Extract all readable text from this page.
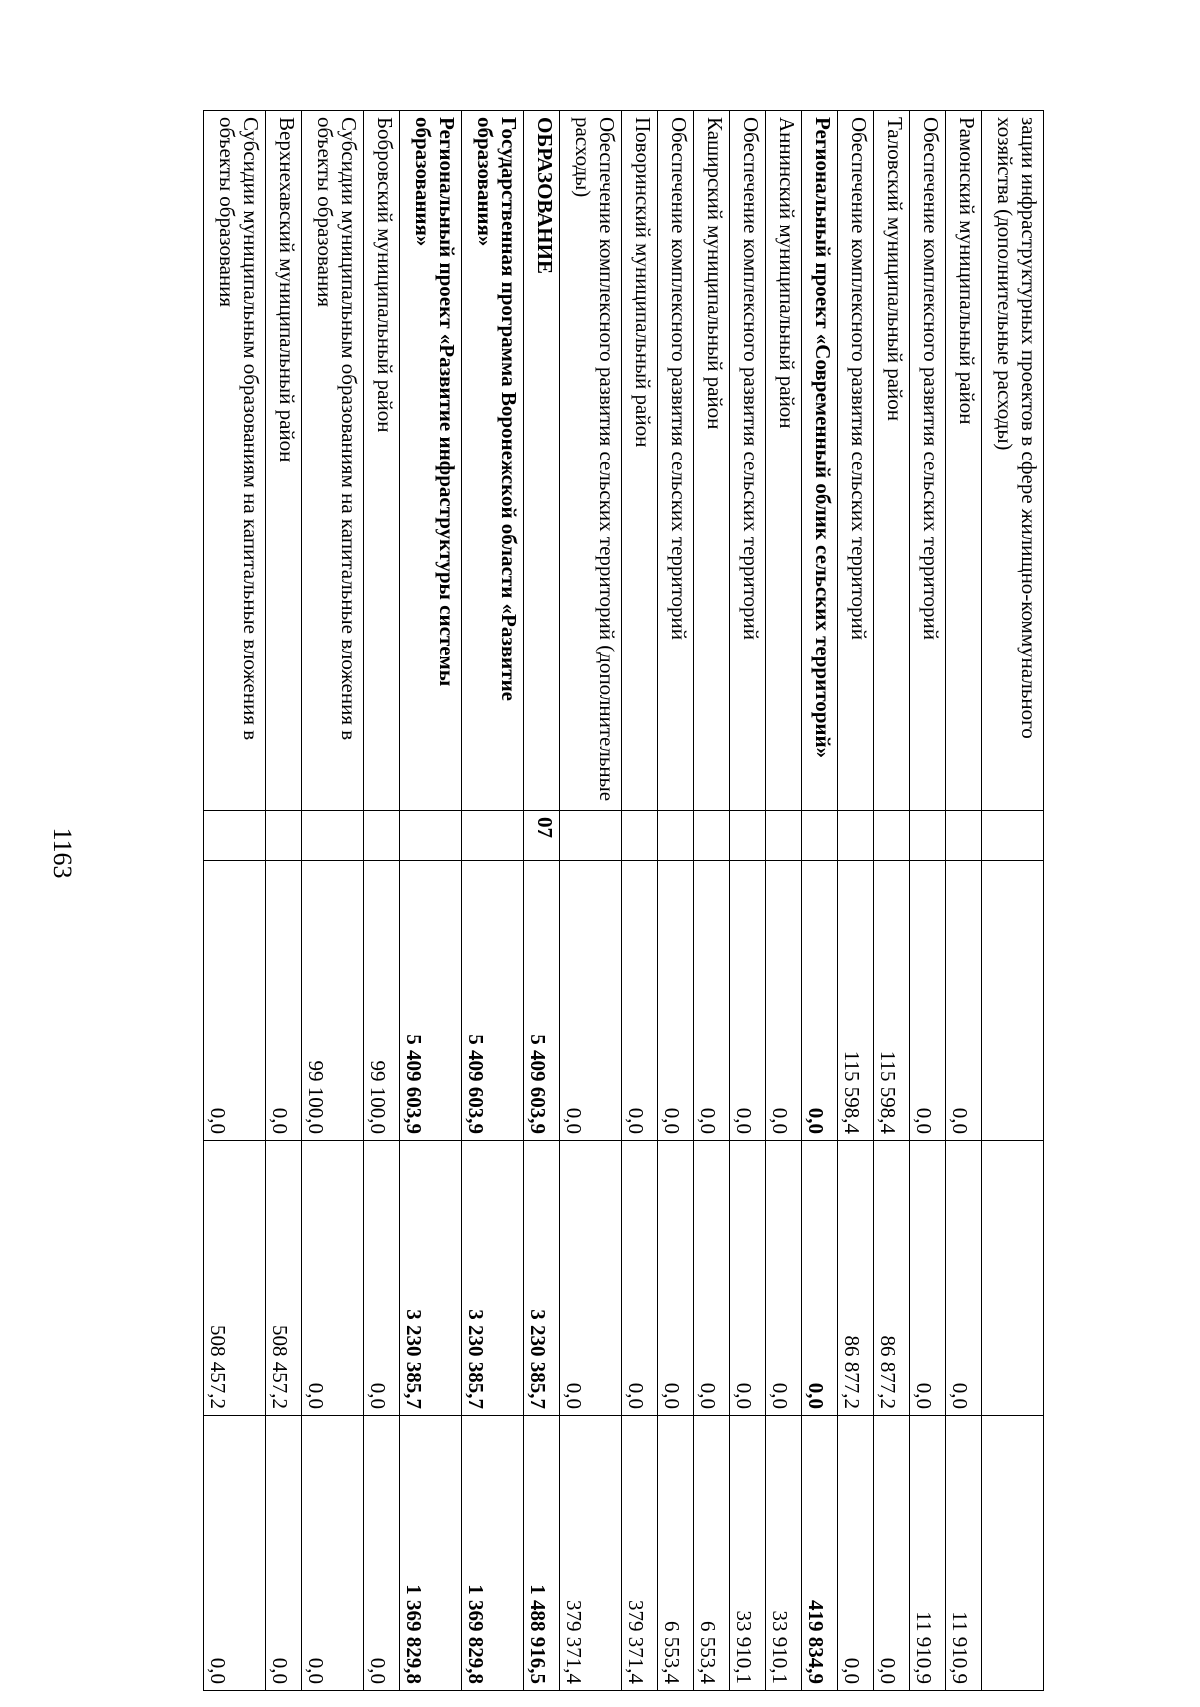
1163
зации инфраструктурных проектов в сфере жилищно-коммунального хозяйства (дополнительные расходы)				
Рамонский муниципальный район		0,0	0,0	11 910,9
Обеспечение комплексного развития сельских территорий		0,0	0,0	11 910,9
Таловский муниципальный район		115 598,4	86 877,2	0,0
Обеспечение комплексного развития сельских территорий		115 598,4	86 877,2	0,0
Региональный проект «Современный облик сельских территорий»		0,0	0,0	419 834,9
Аннинский муниципальный район		0,0	0,0	33 910,1
Обеспечение комплексного развития сельских территорий		0,0	0,0	33 910,1
Каширский муниципальный район		0,0	0,0	6 553,4
Обеспечение комплексного развития сельских территорий		0,0	0,0	6 553,4
Поворинский муниципальный район		0,0	0,0	379 371,4
Обеспечение комплексного развития сельских территорий (дополнительные расходы)		0,0	0,0	379 371,4
ОБРАЗОВАНИЕ	07	5 409 603,9	3 230 385,7	1 488 916,5
Государственная программа Воронежской области «Развитие образования»		5 409 603,9	3 230 385,7	1 369 829,8
Региональный проект «Развитие инфраструктуры системы образования»		5 409 603,9	3 230 385,7	1 369 829,8
Бобровский муниципальный район		99 100,0	0,0	0,0
Субсидии муниципальным образованиям на капитальные вложения в объекты образования		99 100,0	0,0	0,0
Верхнехавский муниципальный район		0,0	508 457,2	0,0
Субсидии муниципальным образованиям на капитальные вложения в объекты образования		0,0	508 457,2	0,0
